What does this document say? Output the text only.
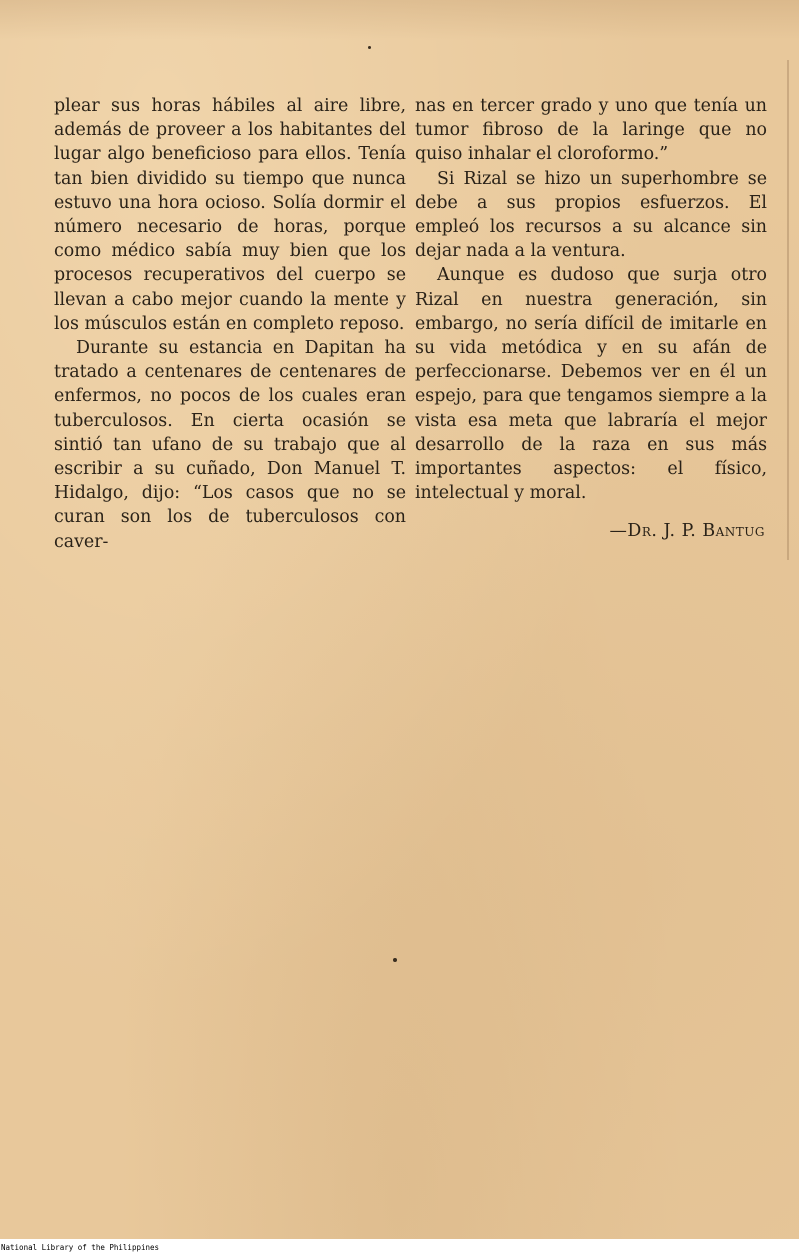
plear sus horas hábiles al aire libre, además de proveer a los habitantes del lugar algo beneficioso para ellos. Tenía tan bien dividido su tiempo que nunca estuvo una hora ocioso. Solía dormir el número necesario de horas, porque como médico sabía muy bien que los procesos recuperativos del cuerpo se llevan a cabo mejor cuando la mente y los músculos están en completo reposo.

Durante su estancia en Dapitan ha tratado a centenares de centenares de enfermos, no pocos de los cuales eran tuberculosos. En cierta ocasión se sintió tan ufano de su trabajo que al escribir a su cuñado, Don Manuel T. Hidalgo, dijo: “Los casos que no se curan son los de tuberculosos con caver-

nas en tercer grado y uno que tenía un tumor fibroso de la laringe que no quiso inhalar el cloroformo.”

Si Rizal se hizo un superhombre se debe a sus propios esfuerzos. El empleó los recursos a su alcance sin dejar nada a la ventura.

Aunque es dudoso que surja otro Rizal en nuestra generación, sin embargo, no sería difícil de imitarle en su vida metódica y en su afán de perfeccionarse. Debemos ver en él un espejo, para que tengamos siempre a la vista esa meta que labraría el mejor desarrollo de la raza en sus más importantes aspectos: el físico, intelectual y moral.

—Dr. J. P. Bantug

National Library of the Philippines
